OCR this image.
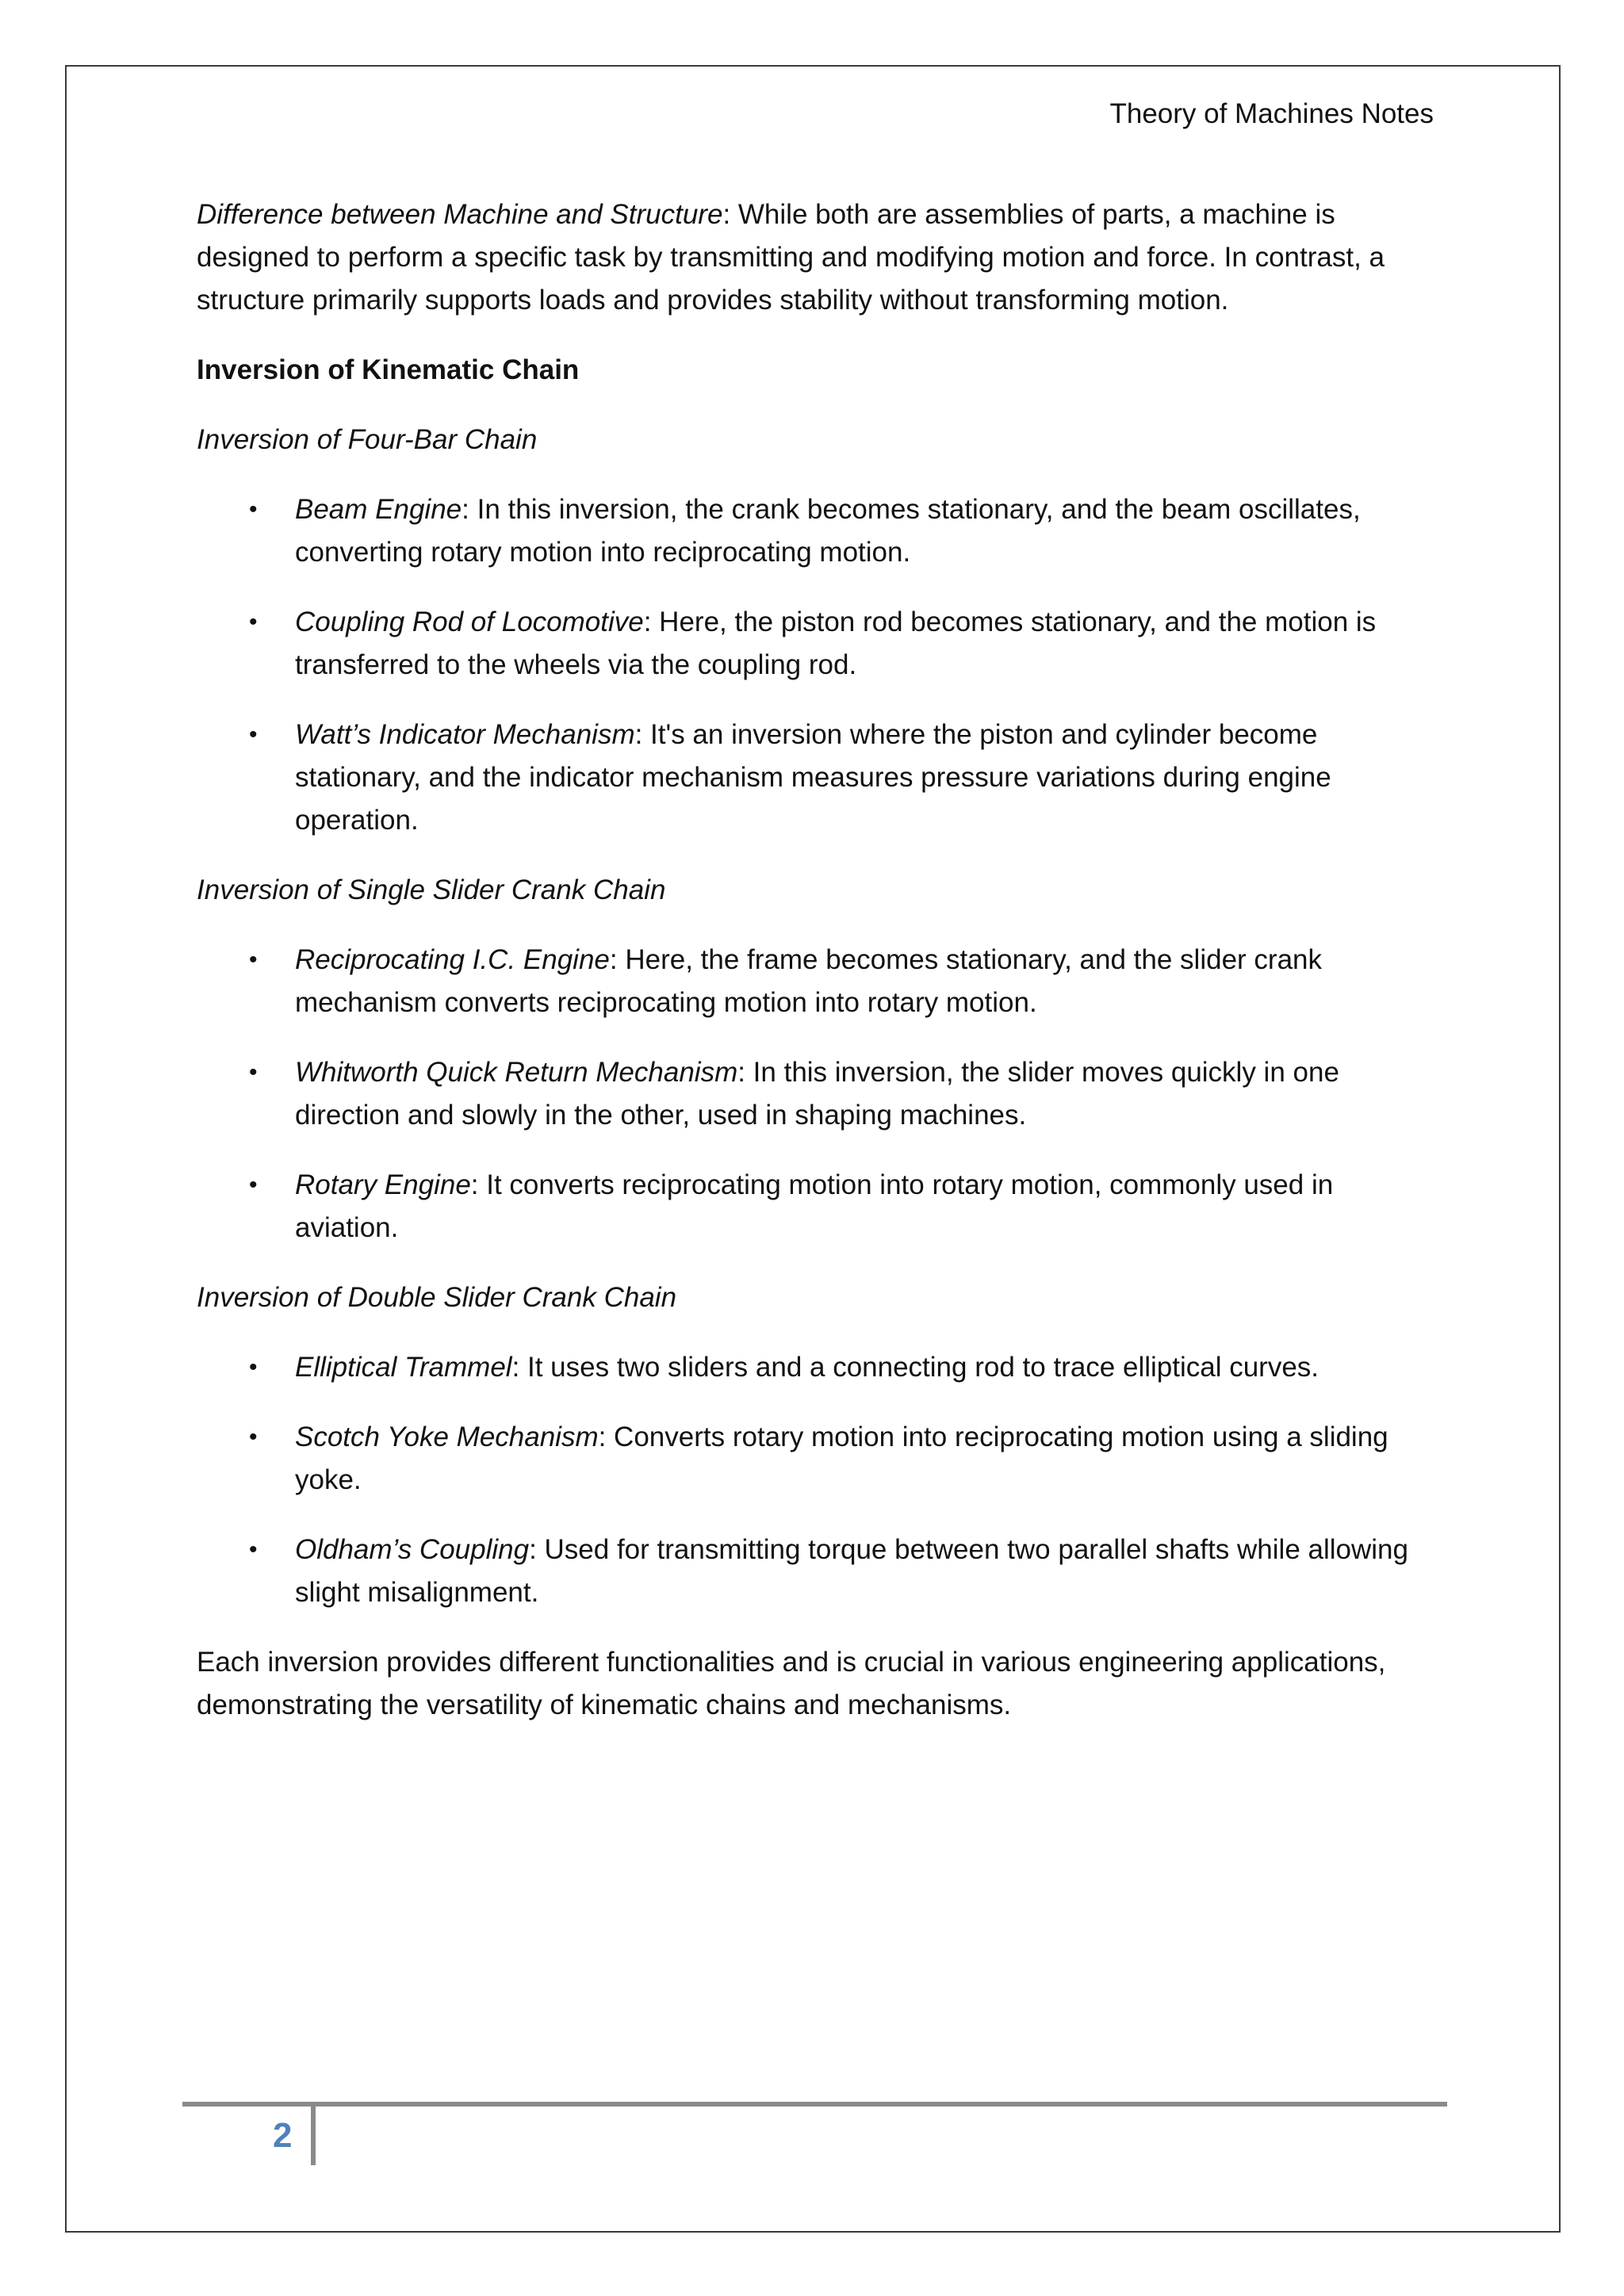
Theory of Machines Notes

Difference between Machine and Structure: While both are assemblies of parts, a machine is designed to perform a specific task by transmitting and modifying motion and force. In contrast, a structure primarily supports loads and provides stability without transforming motion.

Inversion of Kinematic Chain

Inversion of Four-Bar Chain

• Beam Engine: In this inversion, the crank becomes stationary, and the beam oscillates, converting rotary motion into reciprocating motion.
• Coupling Rod of Locomotive: Here, the piston rod becomes stationary, and the motion is transferred to the wheels via the coupling rod.
• Watt’s Indicator Mechanism: It's an inversion where the piston and cylinder become stationary, and the indicator mechanism measures pressure variations during engine operation.

Inversion of Single Slider Crank Chain

• Reciprocating I.C. Engine: Here, the frame becomes stationary, and the slider crank mechanism converts reciprocating motion into rotary motion.
• Whitworth Quick Return Mechanism: In this inversion, the slider moves quickly in one direction and slowly in the other, used in shaping machines.
• Rotary Engine: It converts reciprocating motion into rotary motion, commonly used in aviation.

Inversion of Double Slider Crank Chain

• Elliptical Trammel: It uses two sliders and a connecting rod to trace elliptical curves.
• Scotch Yoke Mechanism: Converts rotary motion into reciprocating motion using a sliding yoke.
• Oldham’s Coupling: Used for transmitting torque between two parallel shafts while allowing slight misalignment.

Each inversion provides different functionalities and is crucial in various engineering applications, demonstrating the versatility of kinematic chains and mechanisms.

2
